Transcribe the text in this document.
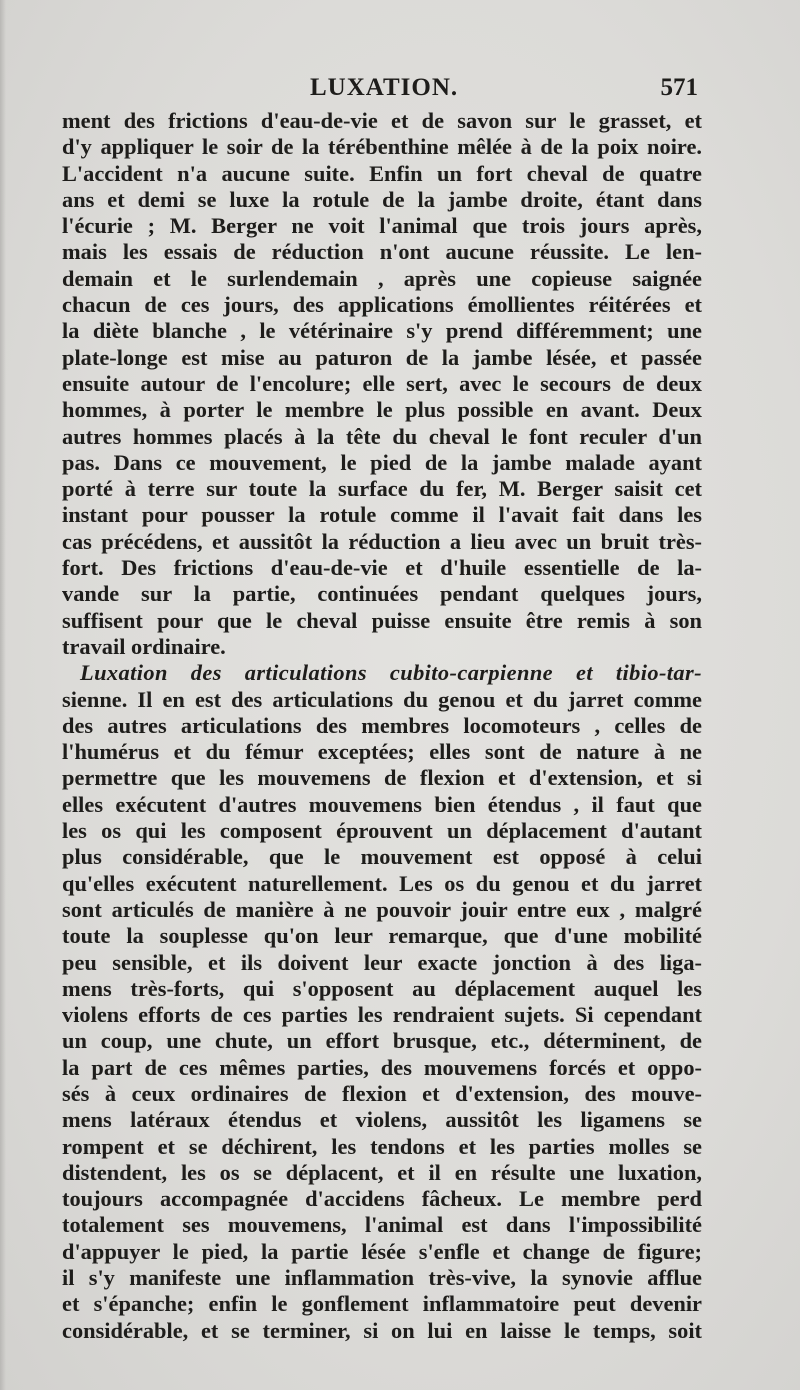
LUXATION.	571
ment des frictions d'eau-de-vie et de savon sur le grasset, et
d'y appliquer le soir de la térébenthine mêlée à de la poix noire.
L'accident n'a aucune suite. Enfin un fort cheval de quatre
ans et demi se luxe la rotule de la jambe droite, étant dans
l'écurie ; M. Berger ne voit l'animal que trois jours après,
mais les essais de réduction n'ont aucune réussite. Le len-
demain et le surlendemain , après une copieuse saignée
chacun de ces jours, des applications émollientes réitérées et
la diète blanche , le vétérinaire s'y prend différemment; une
plate-longe est mise au paturon de la jambe lésée, et passée
ensuite autour de l'encolure; elle sert, avec le secours de deux
hommes, à porter le membre le plus possible en avant. Deux
autres hommes placés à la tête du cheval le font reculer d'un
pas. Dans ce mouvement, le pied de la jambe malade ayant
porté à terre sur toute la surface du fer, M. Berger saisit cet
instant pour pousser la rotule comme il l'avait fait dans les
cas précédens, et aussitôt la réduction a lieu avec un bruit très-
fort. Des frictions d'eau-de-vie et d'huile essentielle de la-
vande sur la partie, continuées pendant quelques jours,
suffisent pour que le cheval puisse ensuite être remis à son
travail ordinaire.
Luxation des articulations cubito-carpienne et tibio-tar-
sienne. Il en est des articulations du genou et du jarret comme
des autres articulations des membres locomoteurs , celles de
l'humérus et du fémur exceptées; elles sont de nature à ne
permettre que les mouvemens de flexion et d'extension, et si
elles exécutent d'autres mouvemens bien étendus , il faut que
les os qui les composent éprouvent un déplacement d'autant
plus considérable, que le mouvement est opposé à celui
qu'elles exécutent naturellement. Les os du genou et du jarret
sont articulés de manière à ne pouvoir jouir entre eux , malgré
toute la souplesse qu'on leur remarque, que d'une mobilité
peu sensible, et ils doivent leur exacte jonction à des liga-
mens très-forts, qui s'opposent au déplacement auquel les
violens efforts de ces parties les rendraient sujets. Si cependant
un coup, une chute, un effort brusque, etc., déterminent, de
la part de ces mêmes parties, des mouvemens forcés et oppo-
sés à ceux ordinaires de flexion et d'extension, des mouve-
mens latéraux étendus et violens, aussitôt les ligamens se
rompent et se déchirent, les tendons et les parties molles se
distendent, les os se déplacent, et il en résulte une luxation,
toujours accompagnée d'accidens fâcheux. Le membre perd
totalement ses mouvemens, l'animal est dans l'impossibilité
d'appuyer le pied, la partie lésée s'enfle et change de figure;
il s'y manifeste une inflammation très-vive, la synovie afflue
et s'épanche; enfin le gonflement inflammatoire peut devenir
considérable, et se terminer, si on lui en laisse le temps, soit
